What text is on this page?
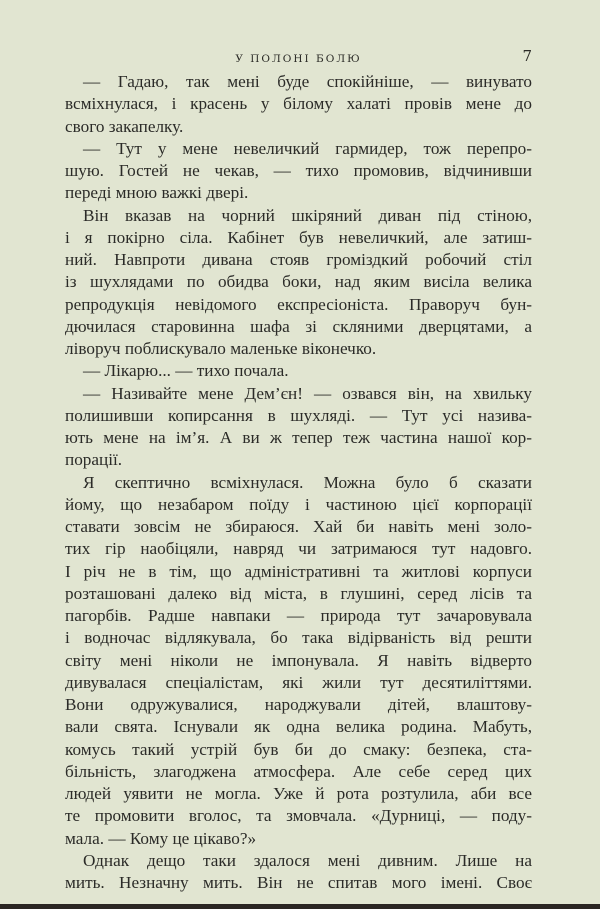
У ПОЛОНІ БОЛЮ	7
— Гадаю, так мені буде спокійніше, — винувато
всміхнулася, і красень у білому халаті провів мене до
свого закапелку.
— Тут у мене невеличкий гармидер, тож перепро-
шую. Гостей не чекав, — тихо промовив, відчинивши
переді мною важкі двері.
Він вказав на чорний шкіряний диван під стіною,
і я покірно сіла. Кабінет був невеличкий, але затиш-
ний. Навпроти дивана стояв громіздкий робочий стіл
із шухлядами по обидва боки, над яким висіла велика
репродукція невідомого експресіоніста. Праворуч бун-
дючилася старовинна шафа зі скляними дверцятами, а
ліворуч поблискувало маленьке віконечко.
— Лікарю... — тихо почала.
— Називайте мене Дем’єн! — озвався він, на хвильку
полишивши копирсання в шухляді. — Тут усі назива-
ють мене на ім’я. А ви ж тепер теж частина нашої кор-
порації.
Я скептично всміхнулася. Можна було б сказати
йому, що незабаром поїду і частиною цієї корпорації
ставати зовсім не збираюся. Хай би навіть мені золо-
тих гір наобіцяли, навряд чи затримаюся тут надовго.
І річ не в тім, що адміністративні та житлові корпуси
розташовані далеко від міста, в глушині, серед лісів та
пагорбів. Радше навпаки — природа тут зачаровувала
і водночас відлякувала, бо така відірваність від решти
світу мені ніколи не імпонувала. Я навіть відверто
дивувалася спеціалістам, які жили тут десятиліттями.
Вони одружувалися, народжували дітей, влаштову-
вали свята. Існували як одна велика родина. Мабуть,
комусь такий устрій був би до смаку: безпека, ста-
більність, злагоджена атмосфера. Але себе серед цих
людей уявити не могла. Уже й рота розтулила, аби все
те промовити вголос, та змовчала. «Дурниці, — поду-
мала. — Кому це цікаво?»
Однак дещо таки здалося мені дивним. Лише на
мить. Незначну мить. Він не спитав мого імені. Своє
